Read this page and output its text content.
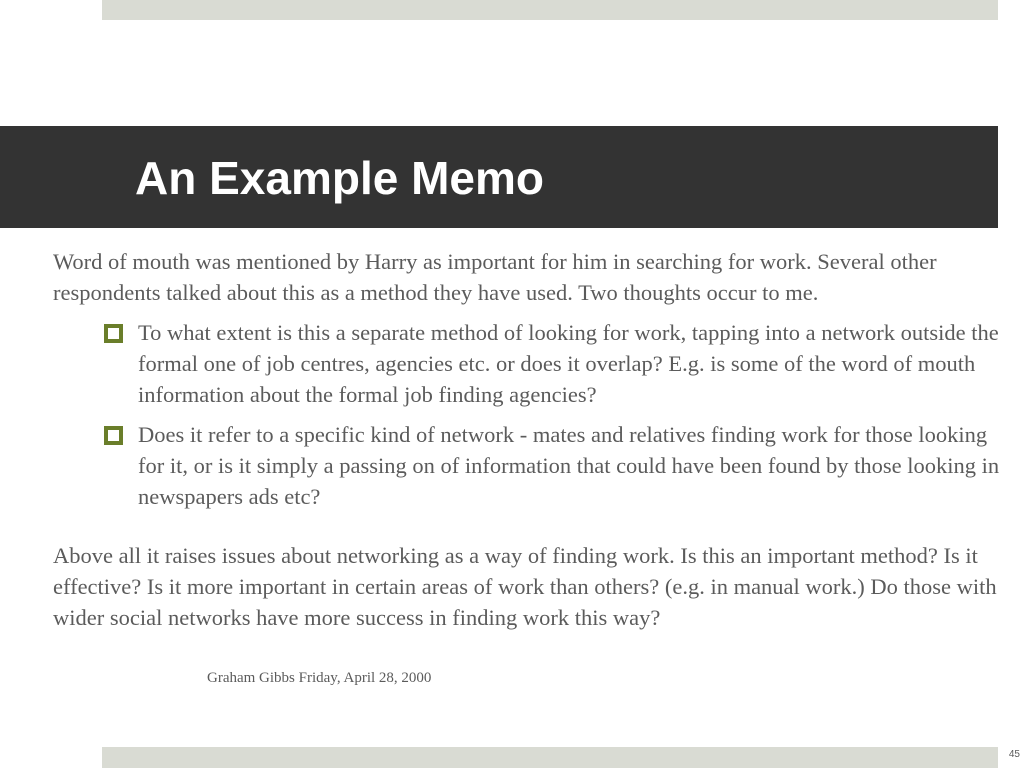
An Example Memo

Word of mouth was mentioned by Harry as important for him in searching for work. Several other respondents talked about this as a method they have used. Two thoughts occur to me.

To what extent is this a separate method of looking for work, tapping into a network outside the formal one of job centres, agencies etc. or does it overlap? E.g. is some of the word of mouth information about the formal job finding agencies?
Does it refer to a specific kind of network - mates and relatives finding work for those looking for it, or is it simply a passing on of information that could have been found by those looking in newspapers ads etc?

Above all it raises issues about networking as a way of finding work. Is this an important method? Is it effective? Is it more important in certain areas of work than others? (e.g. in manual work.) Do those with wider social networks have more success in finding work this way?

Graham Gibbs Friday, April 28, 2000
45
